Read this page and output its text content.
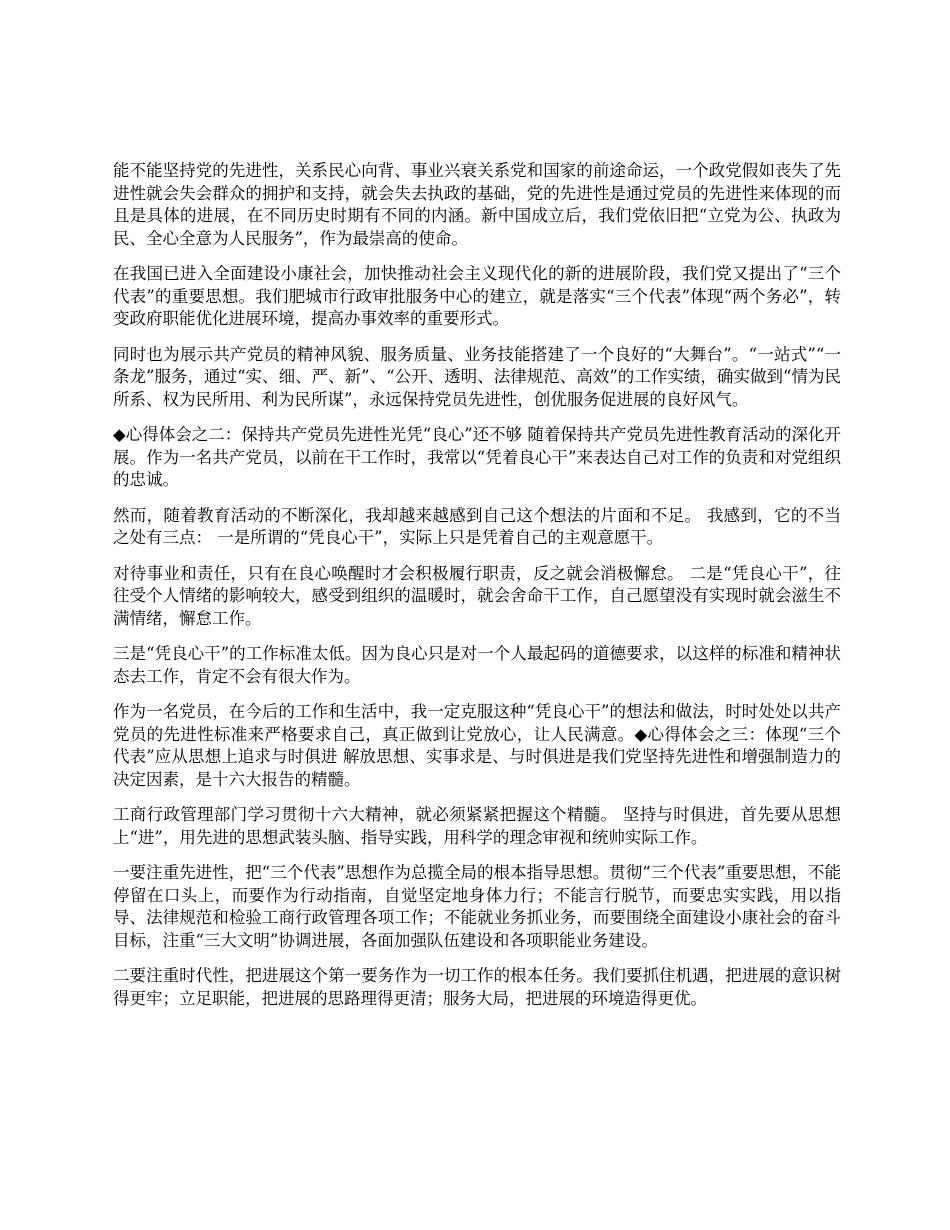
能不能坚持党的先进性，关系民心向背、事业兴衰关系党和国家的前途命运，一个政党假如丧失了先进性就会失会群众的拥护和支持，就会失去执政的基础，党的先进性是通过党员的先进性来体现的而且是具体的进展，在不同历史时期有不同的内涵。新中国成立后，我们党依旧把“立党为公、执政为民、全心全意为人民服务”，作为最崇高的使命。

在我国已进入全面建设小康社会，加快推动社会主义现代化的新的进展阶段，我们党又提出了“三个代表”的重要思想。我们肥城市行政审批服务中心的建立，就是落实“三个代表”体现“两个务必”，转变政府职能优化进展环境，提高办事效率的重要形式。

同时也为展示共产党员的精神风貌、服务质量、业务技能搭建了一个良好的“大舞台”。“一站式”“一条龙”服务，通过“实、细、严、新”、“公开、透明、法律规范、高效”的工作实绩，确实做到“情为民所系、权为民所用、利为民所谋”，永远保持党员先进性，创优服务促进展的良好风气。

◆心得体会之二：保持共产党员先进性光凭“良心”还不够 随着保持共产党员先进性教育活动的深化开展。作为一名共产党员，以前在干工作时，我常以“凭着良心干”来表达自己对工作的负责和对党组织的忠诚。

然而，随着教育活动的不断深化，我却越来越感到自己这个想法的片面和不足。 我感到，它的不当之处有三点： 一是所谓的“凭良心干”，实际上只是凭着自己的主观意愿干。

对待事业和责任，只有在良心唤醒时才会积极履行职责，反之就会消极懈怠。 二是“凭良心干”，往往受个人情绪的影响较大，感受到组织的温暖时，就会舍命干工作，自己愿望没有实现时就会滋生不满情绪，懈怠工作。

三是“凭良心干”的工作标准太低。因为良心只是对一个人最起码的道德要求，以这样的标准和精神状态去工作，肯定不会有很大作为。

作为一名党员，在今后的工作和生活中，我一定克服这种“凭良心干”的想法和做法，时时处处以共产党员的先进性标准来严格要求自己，真正做到让党放心，让人民满意。◆心得体会之三：体现“三个代表”应从思想上追求与时俱进 解放思想、实事求是、与时俱进是我们党坚持先进性和增强制造力的决定因素，是十六大报告的精髓。

工商行政管理部门学习贯彻十六大精神，就必须紧紧把握这个精髓。 坚持与时俱进，首先要从思想上“进”，用先进的思想武装头脑、指导实践，用科学的理念审视和统帅实际工作。

一要注重先进性，把“三个代表”思想作为总揽全局的根本指导思想。贯彻“三个代表”重要思想，不能停留在口头上，而要作为行动指南，自觉坚定地身体力行；不能言行脱节，而要忠实实践，用以指导、法律规范和检验工商行政管理各项工作；不能就业务抓业务，而要围绕全面建设小康社会的奋斗目标，注重“三大文明”协调进展，各面加强队伍建设和各项职能业务建设。

二要注重时代性，把进展这个第一要务作为一切工作的根本任务。我们要抓住机遇，把进展的意识树得更牢；立足职能，把进展的思路理得更清；服务大局，把进展的环境造得更优。
